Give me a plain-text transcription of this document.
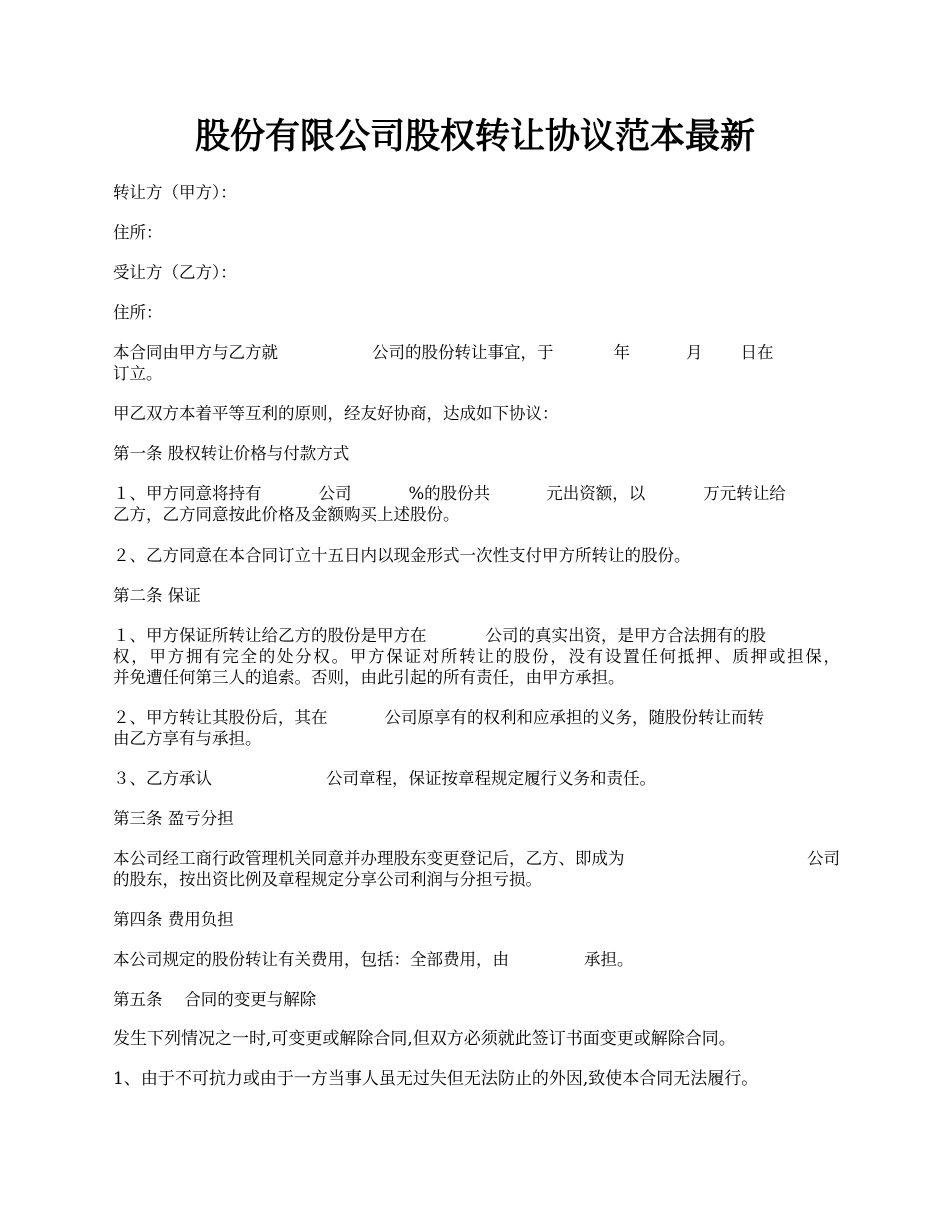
股份有限公司股权转让协议范本最新

转让方（甲方）：

住所：

受让方（乙方）：

住所：

本合同由甲方与乙方就	公司的股份转让事宜，于	年	月 日在
订立。

甲乙双方本着平等互利的原则，经友好协商，达成如下协议：

第一条 股权转让价格与付款方式

１、甲方同意将持有	公司	%的股份共	元出资额，以	万元转让给
乙方，乙方同意按此价格及金额购买上述股份。

２、乙方同意在本合同订立十五日内以现金形式一次性支付甲方所转让的股份。

第二条 保证

１、甲方保证所转让给乙方的股份是甲方在	公司的真实出资，是甲方合法拥有的股
权，甲方拥有完全的处分权。甲方保证对所转让的股份，没有设置任何抵押、质押或担保，
并免遭任何第三人的追索。否则，由此引起的所有责任，由甲方承担。
２、甲方转让其股份后，其在	公司原享有的权利和应承担的义务，随股份转让而转
由乙方享有与承担。
３、乙方承认	公司章程，保证按章程规定履行义务和责任。

第三条 盈亏分担

本公司经工商行政管理机关同意并办理股东变更登记后，乙方、即成为	公司
的股东，按出资比例及章程规定分享公司利润与分担亏损。

第四条 费用负担

本公司规定的股份转让有关费用，包括：全部费用，由	承担。

第五条　 合同的变更与解除

发生下列情况之一时,可变更或解除合同,但双方必须就此签订书面变更或解除合同。

1、由于不可抗力或由于一方当事人虽无过失但无法防止的外因,致使本合同无法履行。
